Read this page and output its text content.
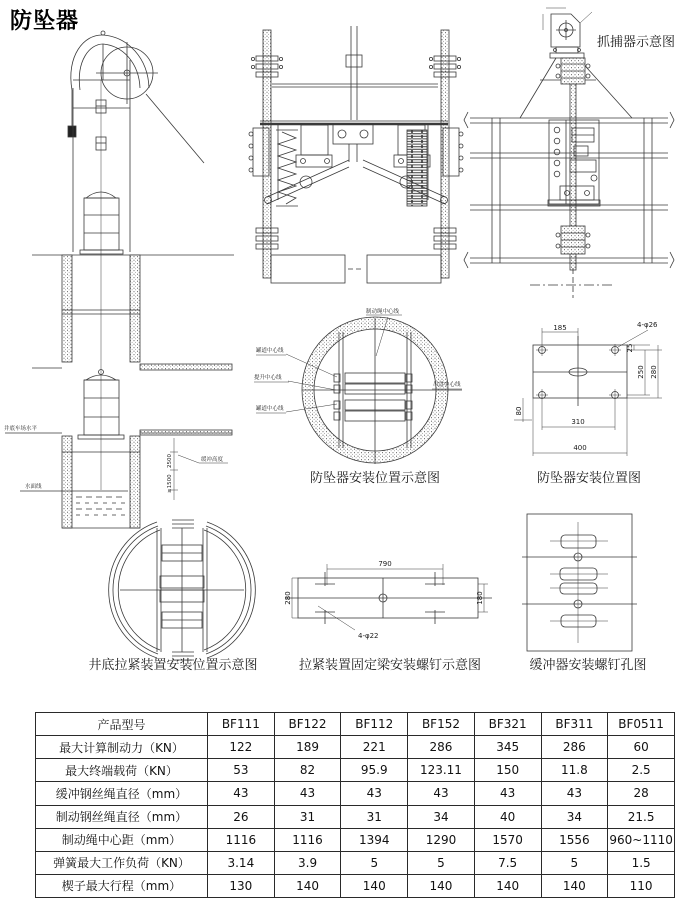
防坠器
井底车场水平
水面线
缓冲高度
2500
≥1500
制动绳中心线
罐道中心线
提升中心线
罐道中心线
吊盘中心线
185	4-φ26
25
250 280
80
310
400
790
280	180
4-φ22
抓捕器示意图
防坠器安装位置示意图	防坠器安装位置图
井底拉紧装置安装位置示意图	拉紧装置固定梁安装螺钉示意图	缓冲器安装螺钉孔图
产品型号	BF111	BF122	BF112	BF152	BF321	BF311	BF0511
最大计算制动力（KN）	122	189	221	286	345	286	60
最大终端载荷（KN）	53	82	95.9	123.11	150	11.8	2.5
缓冲钢丝绳直径（mm）	43	43	43	43	43	43	28
制动钢丝绳直径（mm）	26	31	31	34	40	34	21.5
制动绳中心距（mm）	1116	1116	1394	1290	1570	1556	960~1110
弹簧最大工作负荷（KN）	3.14	3.9	5	5	7.5	5	1.5
楔子最大行程（mm）	130	140	140	140	140	140	110
